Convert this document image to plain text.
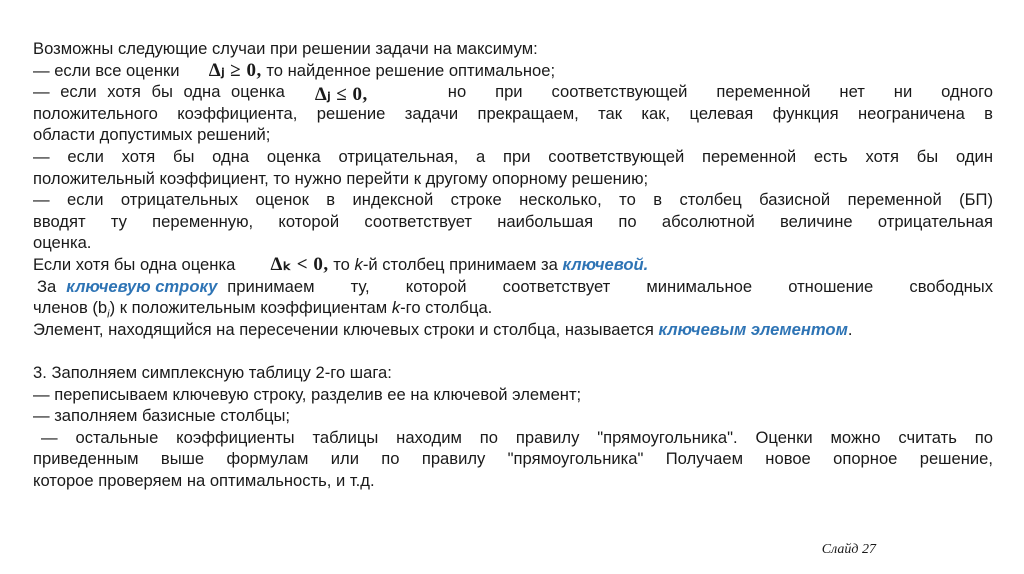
Возможны следующие случаи при решении задачи на максимум:
— если все оценки Δⱼ ≥ 0, то найденное решение оптимальное;
— если хотя бы одна оценка Δⱼ ≤ 0,	но при соответствующей переменной нет ни одного
положительного коэффициента, решение задачи прекращаем, так как, целевая функция неограничена в
области допустимых решений;
— если хотя бы одна оценка отрицательная, а при соответствующей переменной есть хотя бы один
положительный коэффициент, то нужно перейти к другому опорному решению;
— если отрицательных оценок в индексной строке несколько, то в столбец базисной переменной (БП)
вводят ту переменную, которой соответствует наибольшая по абсолютной величине отрицательная
оценка.
Если хотя бы одна оценка Δₖ < 0, то k-й столбец принимаем за ключевой.
За ключевую строку принимаем ту, которой соответствует минимальное отношение свободных
членов $(b_i)$ к положительным коэффициентам k-го столбца.
Элемент, находящийся на пересечении ключевых строки и столбца, называется ключевым элементом.
3. Заполняем симплексную таблицу 2-го шага:
— переписываем ключевую строку, разделив ее на ключевой элемент;
— заполняем базисные столбцы;
— остальные коэффициенты таблицы находим по правилу "прямоугольника". Оценки можно считать по
приведенным выше формулам или по правилу "прямоугольника" Получаем новое опорное решение,
которое проверяем на оптимальность, и т.д.
Слайд 27
